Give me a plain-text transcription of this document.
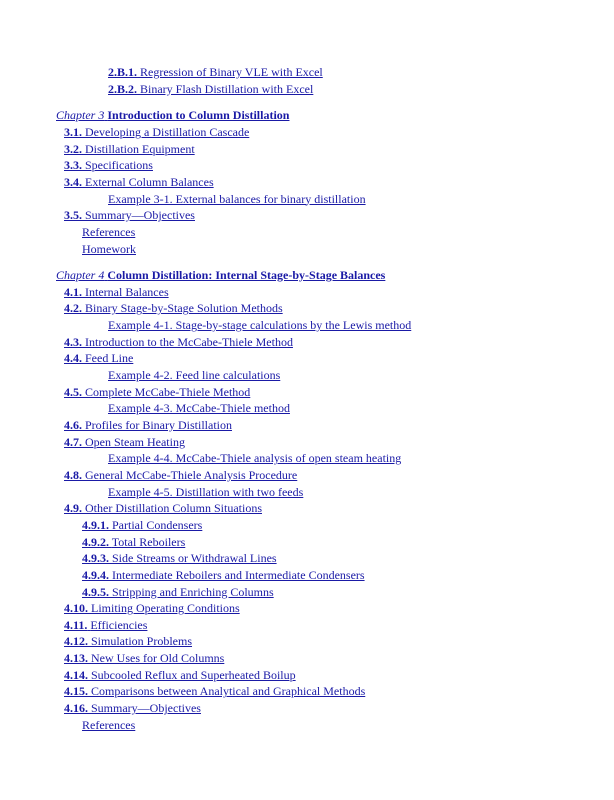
2.B.1. Regression of Binary VLE with Excel
2.B.2. Binary Flash Distillation with Excel
Chapter 3 Introduction to Column Distillation
3.1. Developing a Distillation Cascade
3.2. Distillation Equipment
3.3. Specifications
3.4. External Column Balances
Example 3-1. External balances for binary distillation
3.5. Summary—Objectives
References
Homework
Chapter 4 Column Distillation: Internal Stage-by-Stage Balances
4.1. Internal Balances
4.2. Binary Stage-by-Stage Solution Methods
Example 4-1. Stage-by-stage calculations by the Lewis method
4.3. Introduction to the McCabe-Thiele Method
4.4. Feed Line
Example 4-2. Feed line calculations
4.5. Complete McCabe-Thiele Method
Example 4-3. McCabe-Thiele method
4.6. Profiles for Binary Distillation
4.7. Open Steam Heating
Example 4-4. McCabe-Thiele analysis of open steam heating
4.8. General McCabe-Thiele Analysis Procedure
Example 4-5. Distillation with two feeds
4.9. Other Distillation Column Situations
4.9.1. Partial Condensers
4.9.2. Total Reboilers
4.9.3. Side Streams or Withdrawal Lines
4.9.4. Intermediate Reboilers and Intermediate Condensers
4.9.5. Stripping and Enriching Columns
4.10. Limiting Operating Conditions
4.11. Efficiencies
4.12. Simulation Problems
4.13. New Uses for Old Columns
4.14. Subcooled Reflux and Superheated Boilup
4.15. Comparisons between Analytical and Graphical Methods
4.16. Summary—Objectives
References
